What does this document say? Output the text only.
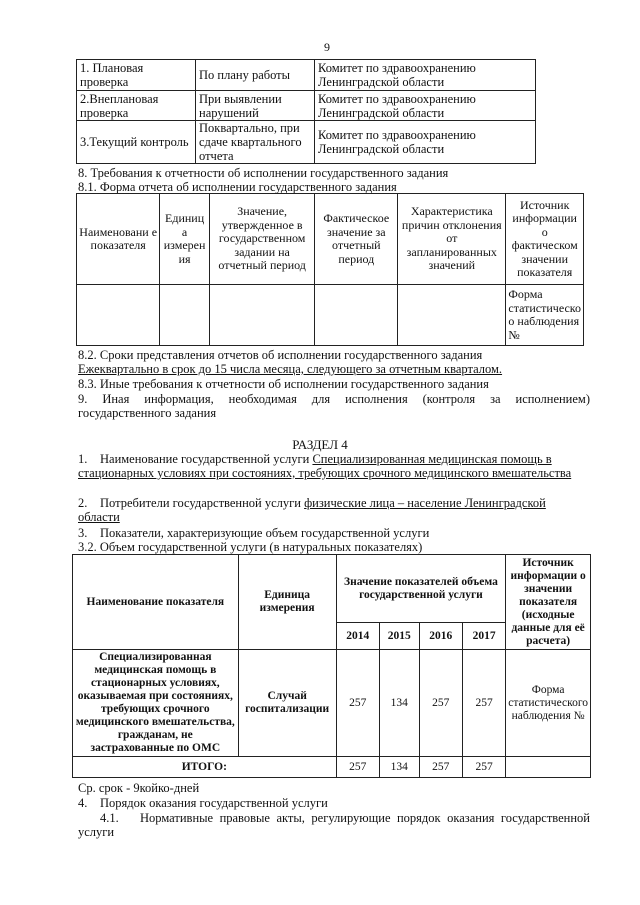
9
1. Плановая проверка	По плану работы	Комитет по здравоохранению Ленинградской области
2.Внеплановая проверка	При выявлении нарушений	Комитет по здравоохранению Ленинградской области
3.Текущий контроль	Поквартально, при сдаче квартального отчета	Комитет по здравоохранению Ленинградской области
8. Требования к отчетности об исполнении государственного задания
8.1. Форма отчета об исполнении государственного задания
Наименовани е показателя	Единиц а измерен ия	Значение, утвержденное в государственном задании на отчетный период	Фактическое значение за отчетный период	Характеристика причин отклонения от запланированных значений	Источник информации о фактическом значении показателя
					Форма статистическо о наблюдения №
8.2. Сроки представления отчетов об исполнении государственного задания
Ежеквартально в срок до 15 числа месяца, следующего за отчетным кварталом.
8.3. Иные требования к отчетности об исполнении государственного задания
9. Иная информация, необходимая для исполнения (контроля за исполнением) государственного задания
РАЗДЕЛ 4
1. Наименование государственной услуги Специализированная медицинская помощь в стационарных условиях при состояниях, требующих срочного медицинского вмешательства
2. Потребители государственной услуги физические лица – население Ленинградской области
3. Показатели, характеризующие объем государственной услуги
3.2. Объем государственной услуги (в натуральных показателях)
Наименование показателя	Единица измерения	Значение показателей объема государственной услуги				Источник информации о значении показателя (исходные данные для её расчета)
		2014	2015	2016	2017	
Специализированная медицинская помощь в стационарных условиях, оказываемая при состояниях, требующих срочного медицинского вмешательства, гражданам, не застрахованные по ОМС	Случай госпитализации	257	134	257	257	Форма статистического наблюдения №
ИТОГО:		257	134	257	257	
Ср. срок - 9койко-дней
4. Порядок оказания государственной услуги
4.1. Нормативные правовые акты, регулирующие порядок оказания государственной услуги
